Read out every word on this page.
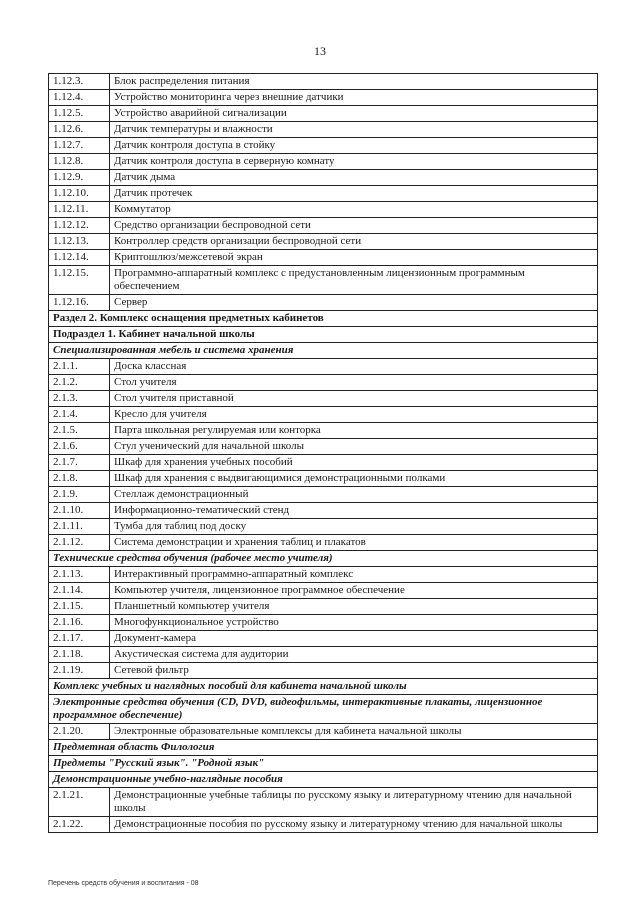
13
1.12.3.	Блок распределения питания
1.12.4.	Устройство мониторинга через внешние датчики
1.12.5.	Устройство аварийной сигнализации
1.12.6.	Датчик температуры и влажности
1.12.7.	Датчик контроля доступа в стойку
1.12.8.	Датчик контроля доступа в серверную комнату
1.12.9.	Датчик дыма
1.12.10.	Датчик протечек
1.12.11.	Коммутатор
1.12.12.	Средство организации беспроводной сети
1.12.13.	Контроллер средств организации беспроводной сети
1.12.14.	Криптошлюз/межсетевой экран
1.12.15.	Программно-аппаратный комплекс с предустановленным лицензионным программным обеспечением
1.12.16.	Сервер
Раздел 2. Комплекс оснащения предметных кабинетов	
Подраздел 1. Кабинет начальной школы	
Специализированная мебель и система хранения	
2.1.1.	Доска классная
2.1.2.	Стол учителя
2.1.3.	Стол учителя приставной
2.1.4.	Кресло для учителя
2.1.5.	Парта школьная регулируемая или конторка
2.1.6.	Стул ученический для начальной школы
2.1.7.	Шкаф для хранения учебных пособий
2.1.8.	Шкаф для хранения с выдвигающимися демонстрационными полками
2.1.9.	Стеллаж демонстрационный
2.1.10.	Информационно-тематический стенд
2.1.11.	Тумба для таблиц под доску
2.1.12.	Система демонстрации и хранения таблиц и плакатов
Технические средства обучения (рабочее место учителя)	
2.1.13.	Интерактивный программно-аппаратный комплекс
2.1.14.	Компьютер учителя, лицензионное программное обеспечение
2.1.15.	Планшетный компьютер учителя
2.1.16.	Многофункциональное устройство
2.1.17.	Документ-камера
2.1.18.	Акустическая система для аудитории
2.1.19.	Сетевой фильтр
Комплекс учебных и наглядных пособий для кабинета начальной школы	
Электронные средства обучения (CD, DVD, видеофильмы, интерактивные плакаты, лицензионное программное обеспечение)	
2.1.20.	Электронные образовательные комплексы для кабинета начальной школы
Предметная область Филология	
Предметы "Русский язык". "Родной язык"	
Демонстрационные учебно-наглядные пособия	
2.1.21.	Демонстрационные учебные таблицы по русскому языку и литературному чтению для начальной школы
2.1.22.	Демонстрационные пособия по русскому языку и литературному чтению для начальной школы
Перечень средств обучения и воспитания - 08
